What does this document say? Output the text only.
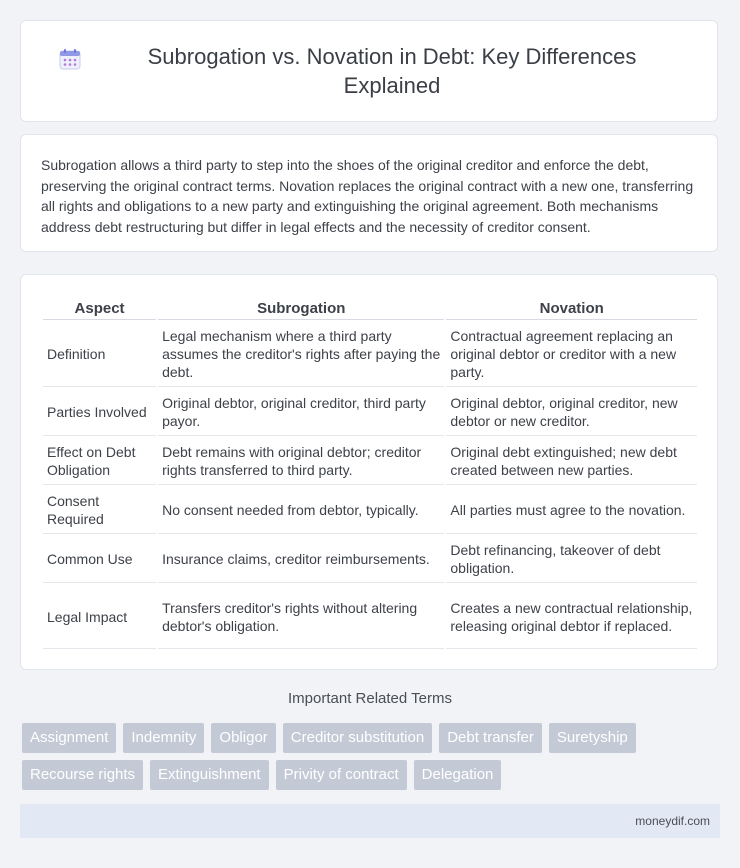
Subrogation vs. Novation in Debt: Key Differences Explained

Subrogation allows a third party to step into the shoes of the original creditor and enforce the debt, preserving the original contract terms. Novation replaces the original contract with a new one, transferring all rights and obligations to a new party and extinguishing the original agreement. Both mechanisms address debt restructuring but differ in legal effects and the necessity of creditor consent.

Aspect	Subrogation	Novation
Definition	Legal mechanism where a third party assumes the creditor's rights after paying the debt.	Contractual agreement replacing an original debtor or creditor with a new party.
Parties Involved	Original debtor, original creditor, third party payor.	Original debtor, original creditor, new debtor or new creditor.
Effect on Debt Obligation	Debt remains with original debtor; creditor rights transferred to third party.	Original debt extinguished; new debt created between new parties.
Consent Required	No consent needed from debtor, typically.	All parties must agree to the novation.
Common Use	Insurance claims, creditor reimbursements.	Debt refinancing, takeover of debt obligation.
Legal Impact	Transfers creditor's rights without altering debtor's obligation.	Creates a new contractual relationship, releasing original debtor if replaced.
Important Related Terms
Assignment	Indemnity	Obligor	Creditor substitution	Debt transfer	Suretyship
Recourse rights	Extinguishment	Privity of contract	Delegation
moneydif.com
